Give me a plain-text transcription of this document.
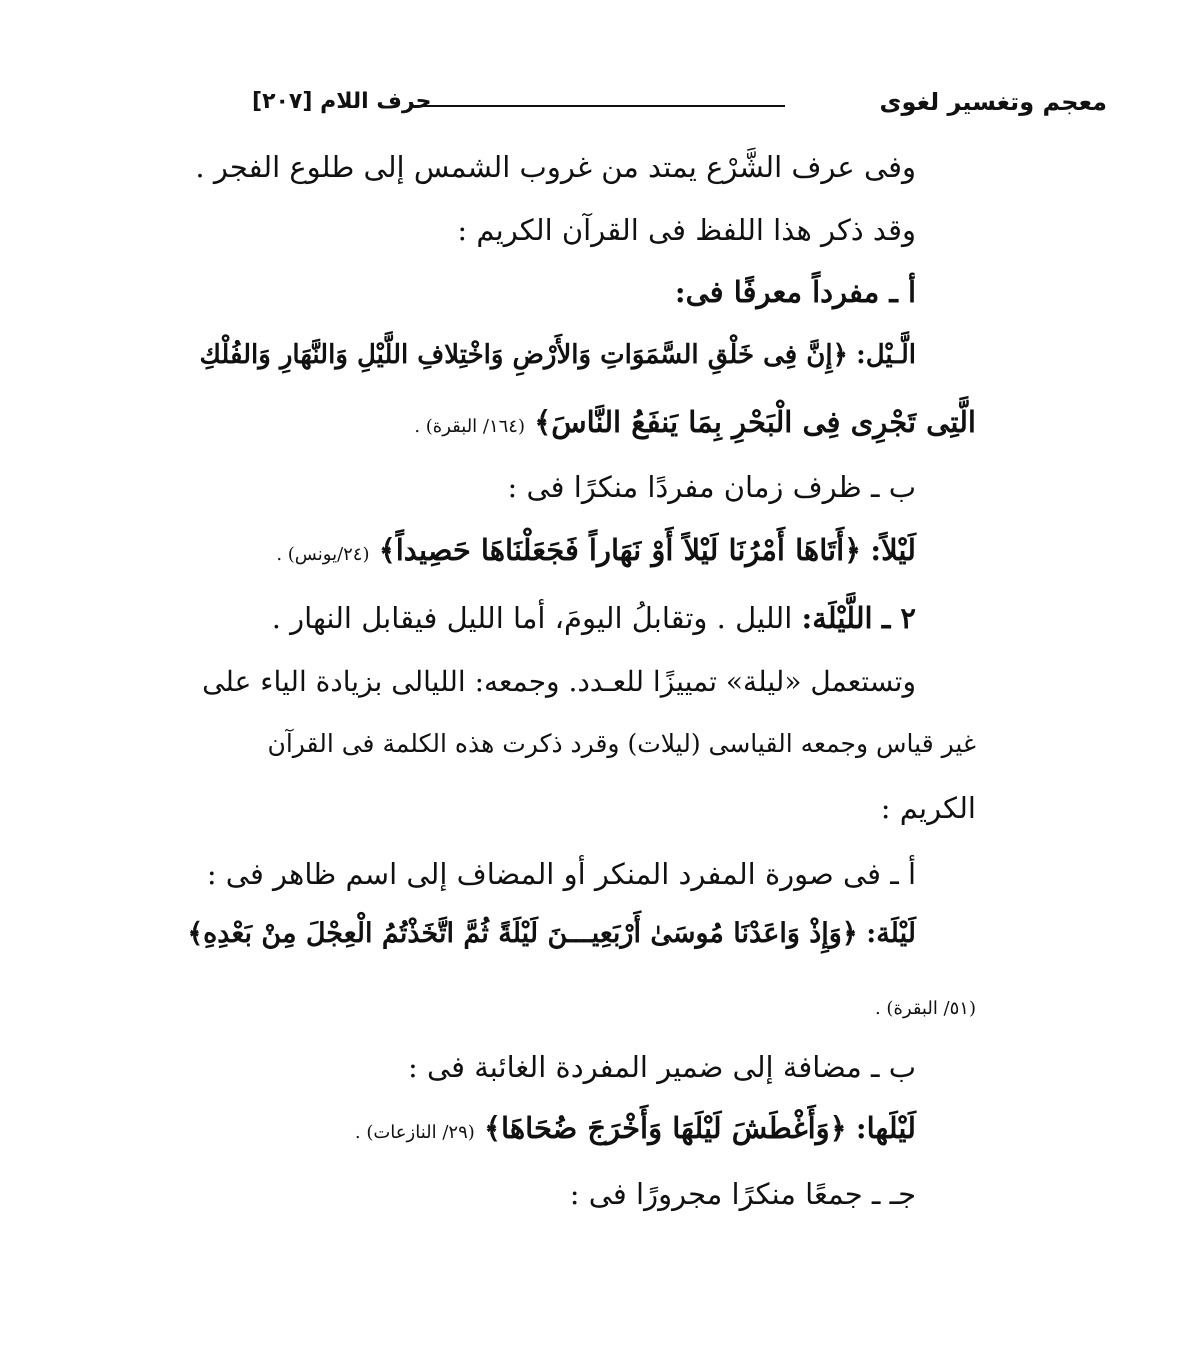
معجم وتغسير لغوى
حرف اللام [٢٠٧]
وفى عرف الشَّرْع يمتد من غروب الشمس إلى طلوع الفجر .
وقد ذكر هذا اللفظ فى القرآن الكريم :
أ ـ مفرداً معرفًا فى:
الَّـيْل: ﴿إِنَّ فِى خَلْقِ السَّمَوَاتِ وَالأَرْضِ وَاخْتِلافِ اللَّيْلِ وَالنَّهَارِ وَالفُلْكِ
الَّتِى تَجْرِى فِى الْبَحْرِ بِمَا يَنفَعُ النَّاسَ﴾ (١٦٤/ البقرة) .
ب ـ ظرف زمان مفردًا منكرًا فى :
لَيْلاً: ﴿أَتَاهَا أَمْرُنَا لَيْلاً أَوْ نَهَاراً فَجَعَلْنَاهَا حَصِيداً﴾ (٢٤/يونس) .
٢ ـ اللَّيْلَة: الليل . وتقابلُ اليومَ، أما الليل فيقابل النهار .
وتستعمل «ليلة» تمييزًا للعـدد. وجمعه: الليالى بزيادة الياء على
غير قياس وجمعه القياسى (ليلات) وقرد ذكرت هذه الكلمة فى القرآن
الكريم :
أ ـ فى صورة المفرد المنكر أو المضاف إلى اسم ظاهر فى :
لَيْلَة: ﴿وَإِذْ وَاعَدْنَا مُوسَىٰ أَرْبَعِيـــنَ لَيْلَةً ثُمَّ اتَّخَذْتُمُ الْعِجْلَ مِنْ بَعْدِهِ﴾
(٥١/ البقرة) .
ب ـ مضافة إلى ضمير المفردة الغائبة فى :
لَيْلَها: ﴿وَأَغْطَشَ لَيْلَهَا وَأَخْرَجَ ضُحَاهَا﴾ (٢٩/ النازعات) .
جـ ـ جمعًا منكرًا مجرورًا فى :
